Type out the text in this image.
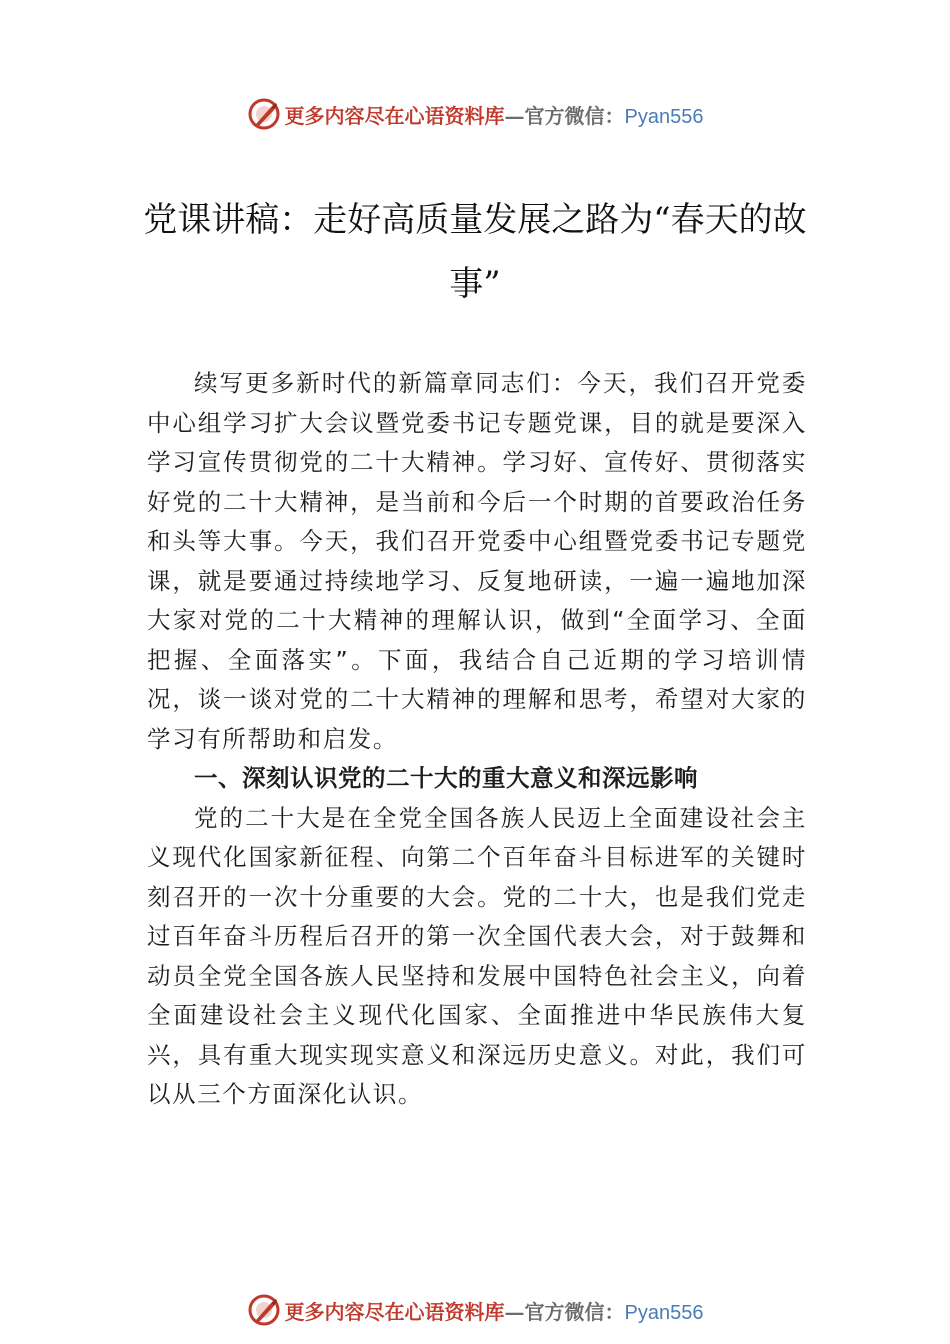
更多内容尽在心语资料库 —官方微信： Pyan556
党课讲稿：走好高质量发展之路为“春天的故事”

续写更多新时代的新篇章同志们：今天，我们召开党委中心组学习扩大会议暨党委书记专题党课，目的就是要深入学习宣传贯彻党的二十大精神。学习好、宣传好、贯彻落实好党的二十大精神，是当前和今后一个时期的首要政治任务和头等大事。今天，我们召开党委中心组暨党委书记专题党课，就是要通过持续地学习、反复地研读，一遍一遍地加深大家对党的二十大精神的理解认识，做到“全面学习、全面把握、全面落实”。下面，我结合自己近期的学习培训情况，谈一谈对党的二十大精神的理解和思考，希望对大家的学习有所帮助和启发。

一、深刻认识党的二十大的重大意义和深远影响

党的二十大是在全党全国各族人民迈上全面建设社会主义现代化国家新征程、向第二个百年奋斗目标进军的关键时刻召开的一次十分重要的大会。党的二十大，也是我们党走过百年奋斗历程后召开的第一次全国代表大会，对于鼓舞和动员全党全国各族人民坚持和发展中国特色社会主义，向着全面建设社会主义现代化国家、全面推进中华民族伟大复兴，具有重大现实现实意义和深远历史意义。对此，我们可以从三个方面深化认识。

更多内容尽在心语资料库 —官方微信： Pyan556
